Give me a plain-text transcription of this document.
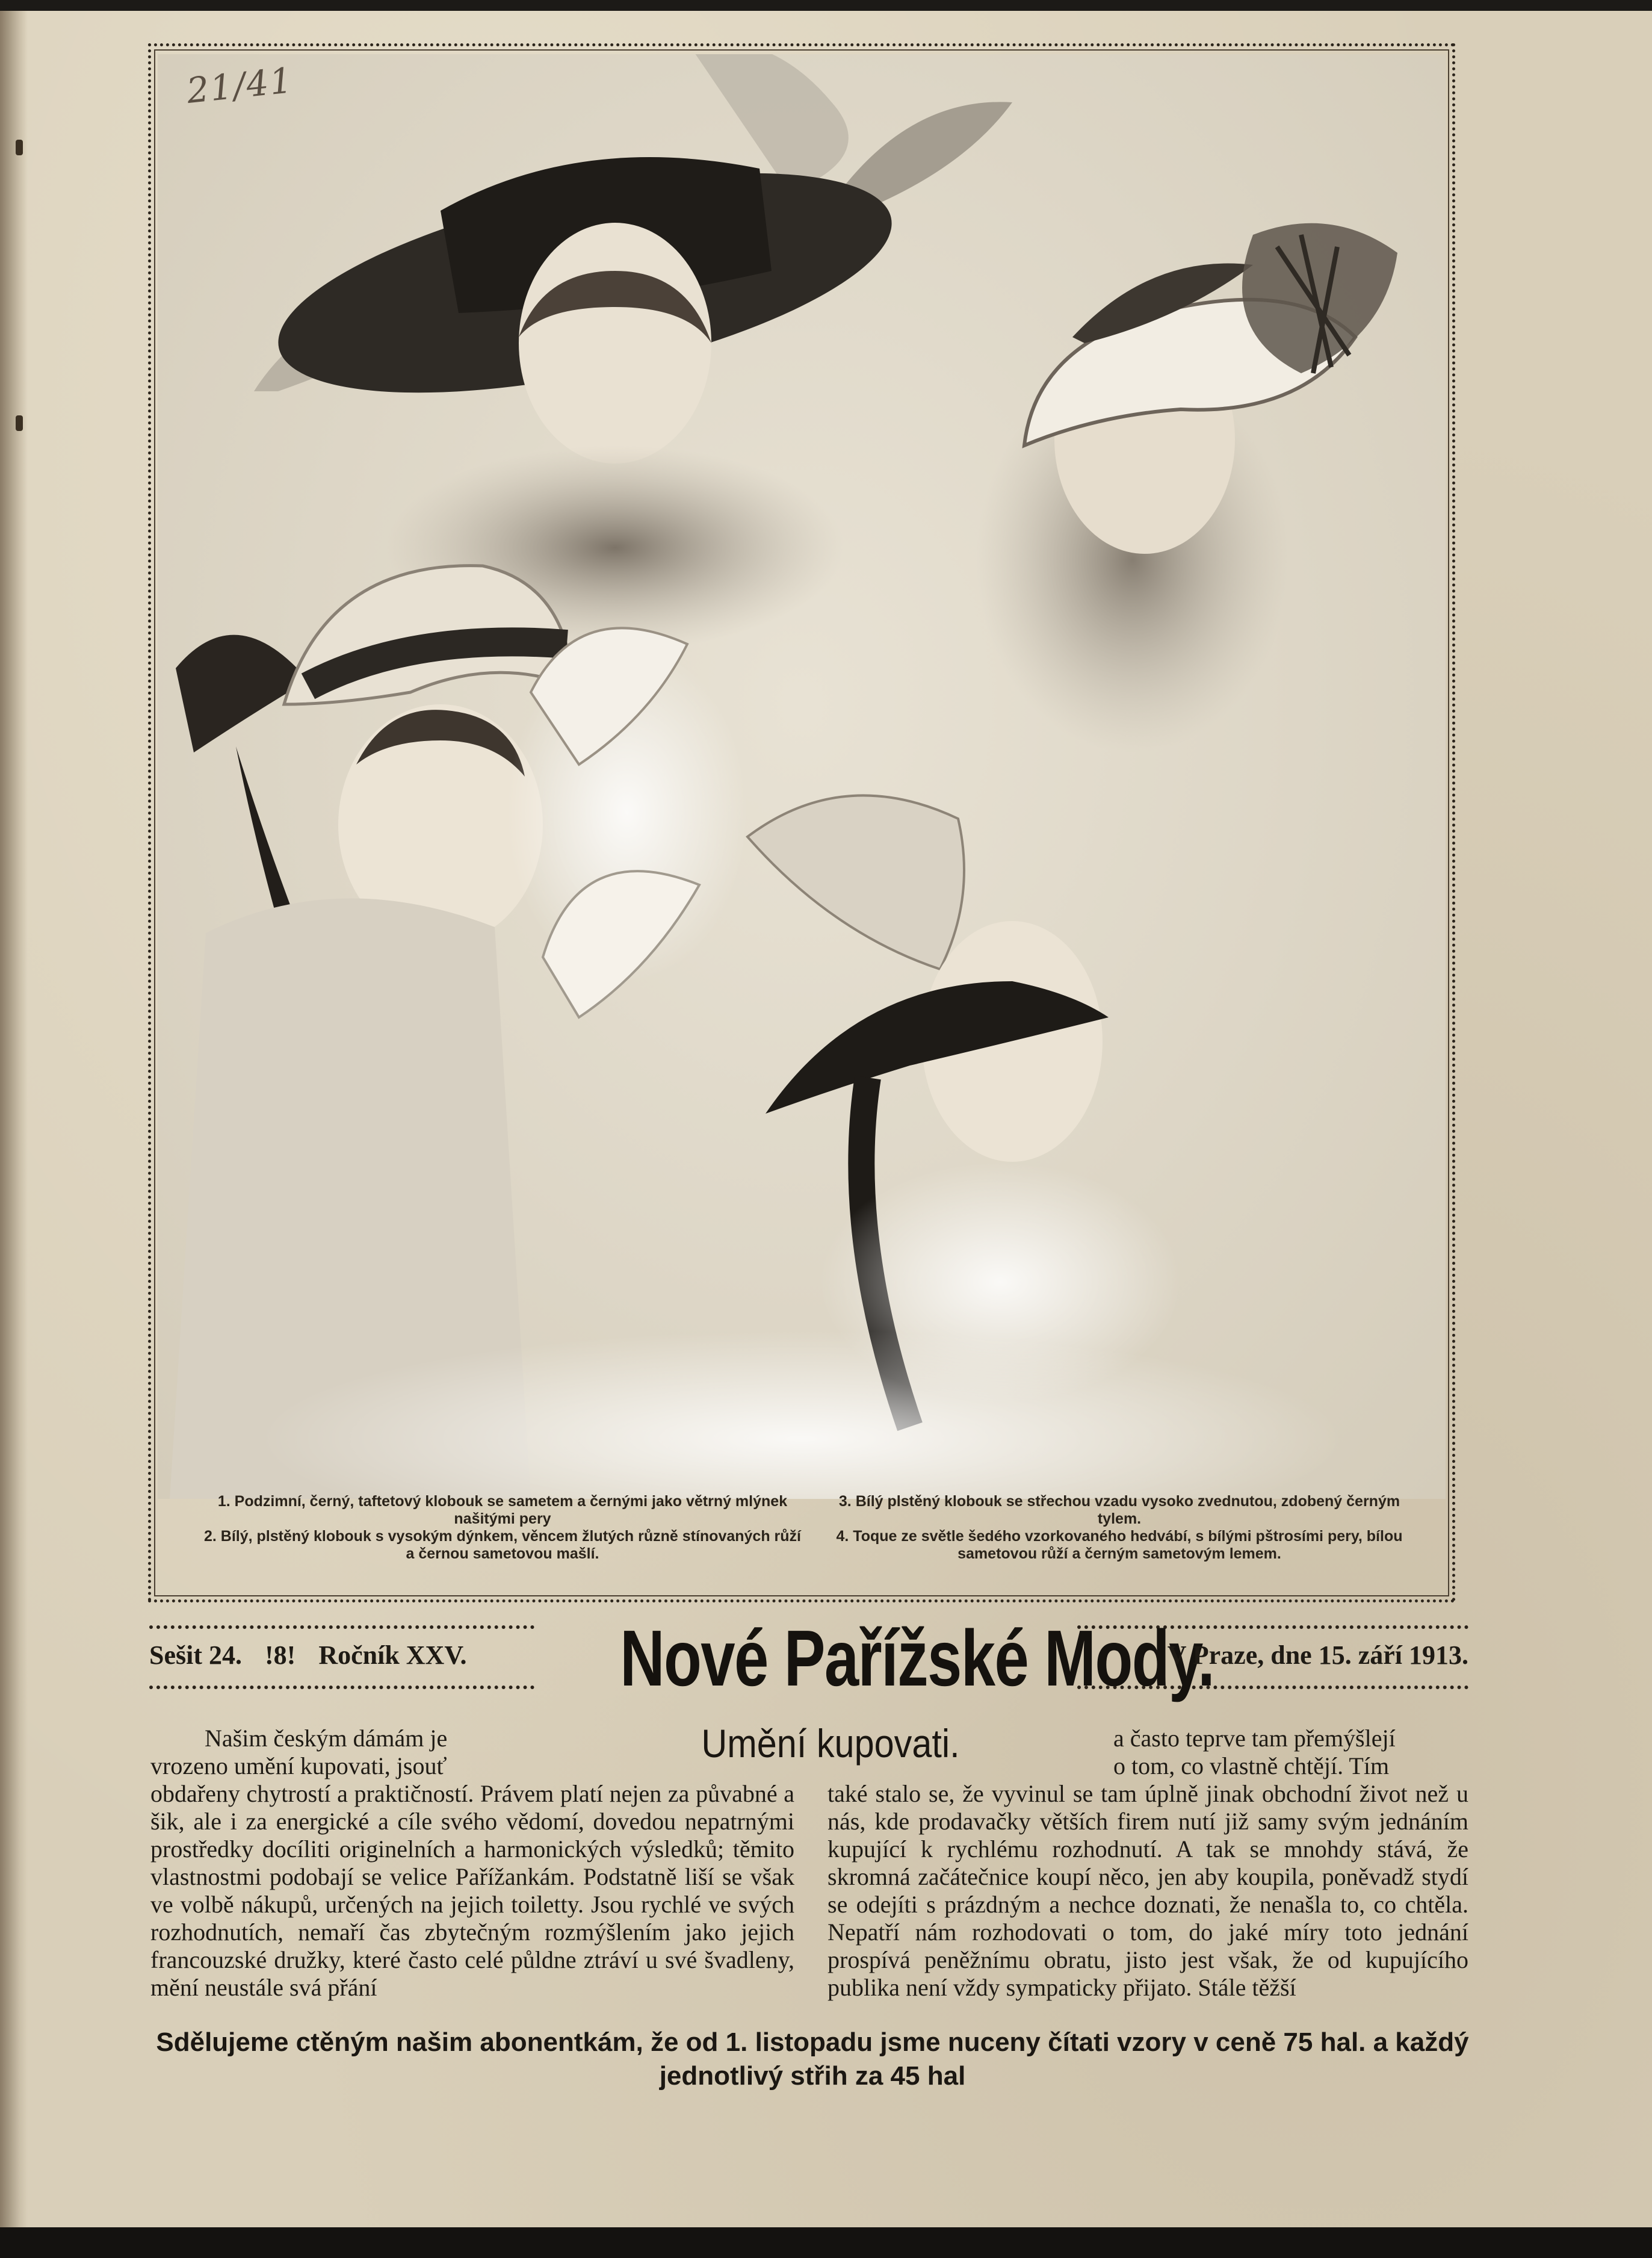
21/41

1. Podzimní, černý, taftetový klobouk se sametem a černými jako větrný mlýnek našitými pery

2. Bílý, plstěný klobouk s vysokým dýnkem, věncem žlutých různě stínovaných růží a černou sametovou mašlí.

3. Bílý plstěný klobouk se střechou vzadu vysoko zvednutou, zdobený černým tylem.

4. Toque ze světle šedého vzorkovaného hedvábí, s bílými pštrosími pery, bílou sametovou růží a černým sametovým lemem.

Sešit 24. !8! Ročník XXV.	Nové Pařížské Mody.
V Praze, dne 15. září 1913.
Umění kupovati.

Našim českým dámám je

vrozeno umění kupovati, jsouť

obdařeny chytrostí a praktičností. Právem platí nejen za půvabné a šik, ale i za energické a cíle svého vědomí, dovedou nepatrnými prostředky docíliti originelních a harmonických výsledků; těmito vlastnostmi podobají se velice Pařížankám. Podstatně liší se však ve volbě nákupů, určených na jejich toiletty. Jsou rychlé ve svých rozhodnutích, nemaří čas zbytečným rozmýšlením jako jejich francouzské družky, které často celé půldne ztráví u své švadleny, mění neustále svá přání

a často teprve tam přemýšlejí

o tom, co vlastně chtějí. Tím

také stalo se, že vyvinul se tam úplně jinak obchodní život než u nás, kde prodavačky větších firem nutí již samy svým jednáním kupující k rychlému rozhodnutí. A tak se mnohdy stává, že skromná začátečnice koupí něco, jen aby koupila, poněvadž stydí se odejíti s prázdným a nechce doznati, že nenašla to, co chtěla. Nepatří nám rozhodovati o tom, do jaké míry toto jednání prospívá peněžnímu obratu, jisto jest však, že od kupujícího publika není vždy sympaticky přijato. Stále těžší

Sdělujeme ctěným našim abonentkám, že od 1. listopadu jsme nuceny čítati vzory v ceně 75 hal. a každý jednotlivý střih za 45 hal
